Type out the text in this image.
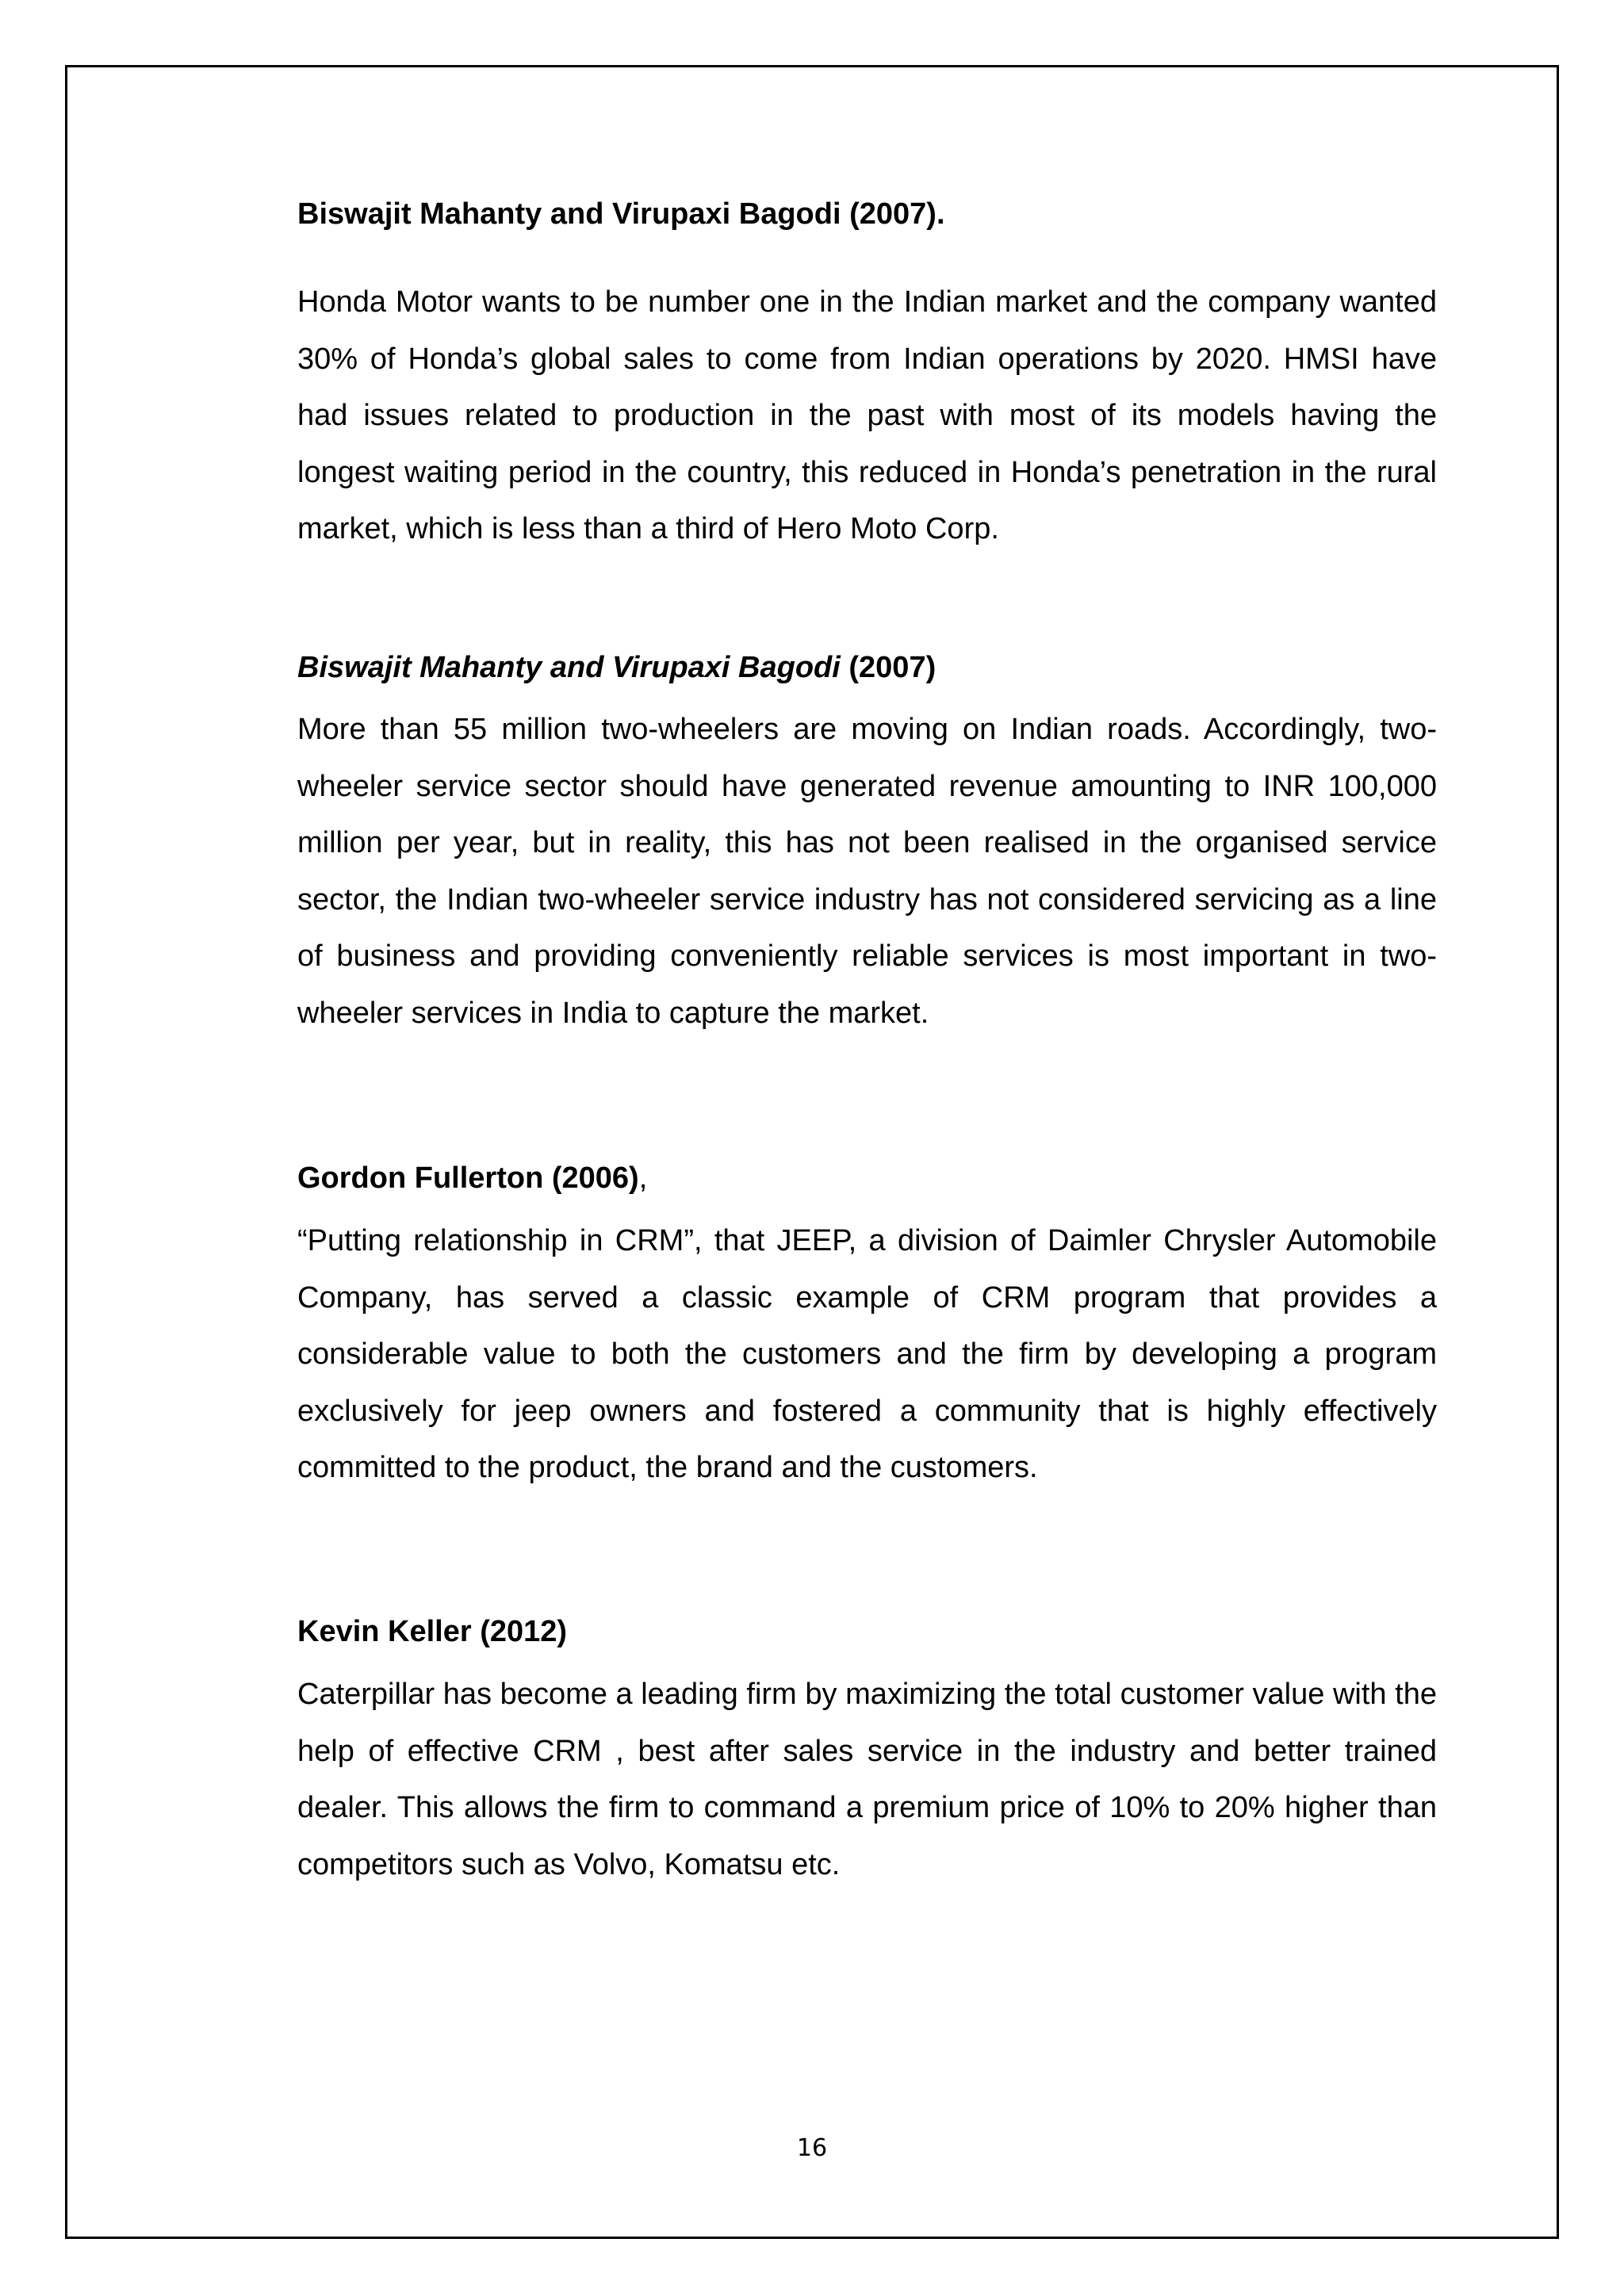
Biswajit Mahanty and Virupaxi Bagodi (2007).
Honda Motor wants to be number one in the Indian market and the company wanted 30% of Honda’s global sales to come from Indian operations by 2020. HMSI have had issues related to production in the past with most of its models having the longest waiting period in the country, this reduced in Honda’s penetration in the rural market, which is less than a third of Hero Moto Corp.
Biswajit Mahanty and Virupaxi Bagodi (2007)
More than 55 million two-wheelers are moving on Indian roads. Accordingly, two-wheeler service sector should have generated revenue amounting to INR 100,000 million per year, but in reality, this has not been realised in the organised service sector, the Indian two-wheeler service industry has not considered servicing as a line of business and providing conveniently reliable services is most important in two-wheeler services in India to capture the market.
Gordon Fullerton (2006),
“Putting relationship in CRM”, that JEEP, a division of Daimler Chrysler Automobile Company, has served a classic example of CRM program that provides a considerable value to both the customers and the firm by developing a program exclusively for jeep owners and fostered a community that is highly effectively committed to the product, the brand and the customers.
Kevin Keller (2012)
Caterpillar has become a leading firm by maximizing the total customer value with the help of effective CRM , best after sales service in the industry and better trained dealer. This allows the firm to command a premium price of 10% to 20% higher than competitors such as Volvo, Komatsu etc.
16
